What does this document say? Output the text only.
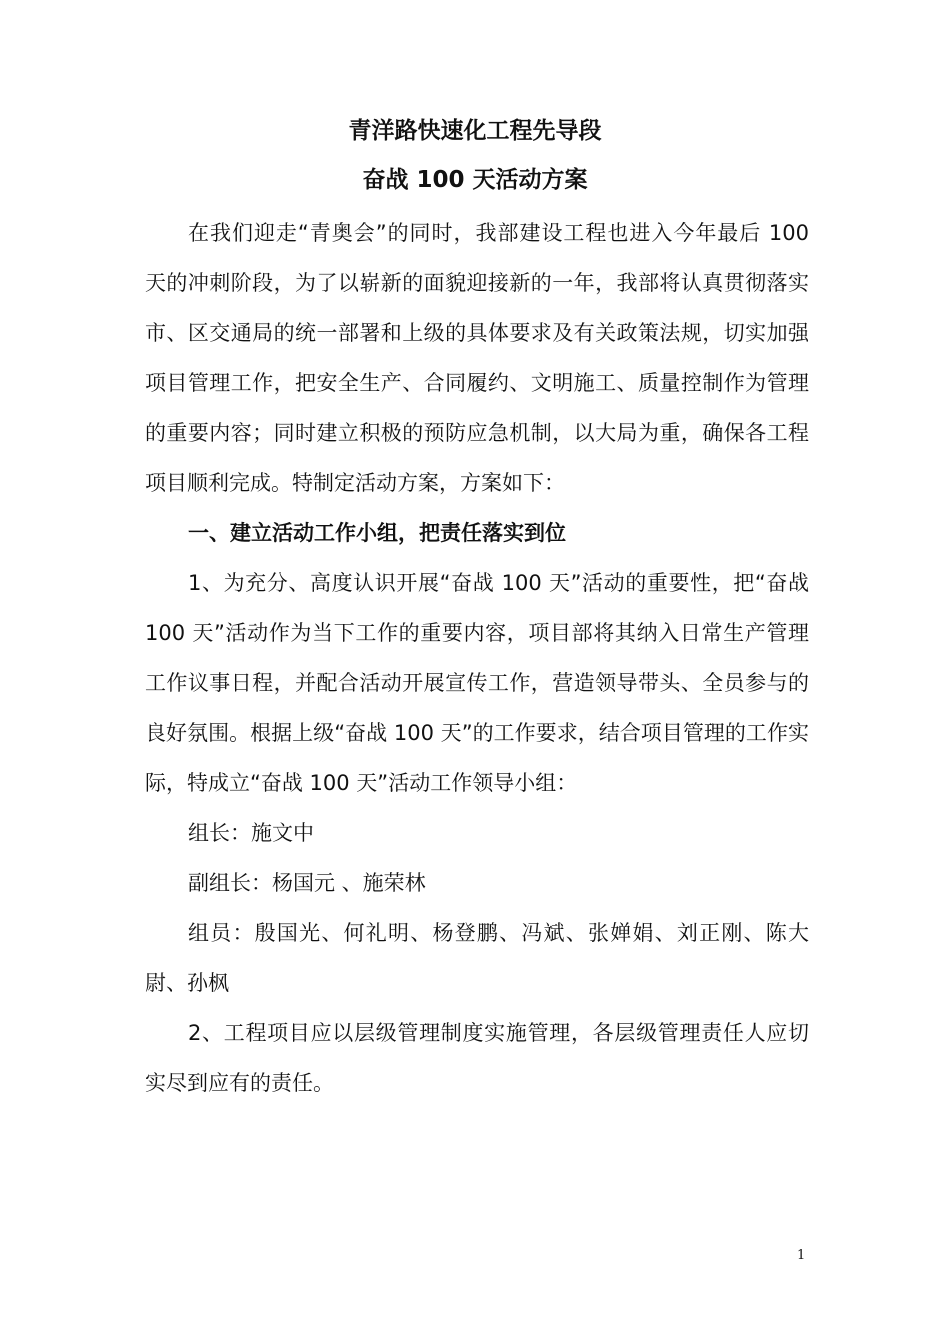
青洋路快速化工程先导段
奋战 100 天活动方案

在我们迎走“青奥会”的同时，我部建设工程也进入今年最后 100 天的冲刺阶段，为了以崭新的面貌迎接新的一年，我部将认真贯彻落实市、区交通局的统一部署和上级的具体要求及有关政策法规，切实加强项目管理工作，把安全生产、合同履约、文明施工、质量控制作为管理的重要内容；同时建立积极的预防应急机制，以大局为重，确保各工程项目顺利完成。特制定活动方案，方案如下：

一、建立活动工作小组，把责任落实到位

1、为充分、高度认识开展“奋战 100 天”活动的重要性，把“奋战 100 天”活动作为当下工作的重要内容，项目部将其纳入日常生产管理工作议事日程，并配合活动开展宣传工作，营造领导带头、全员参与的良好氛围。根据上级“奋战 100 天”的工作要求，结合项目管理的工作实际，特成立“奋战 100 天”活动工作领导小组：

组长：施文中

副组长：杨国元 、施荣林

组员：殷国光、何礼明、杨登鹏、冯斌、张婵娟、刘正刚、陈大尉、孙枫

2、工程项目应以层级管理制度实施管理，各层级管理责任人应切实尽到应有的责任。

1
